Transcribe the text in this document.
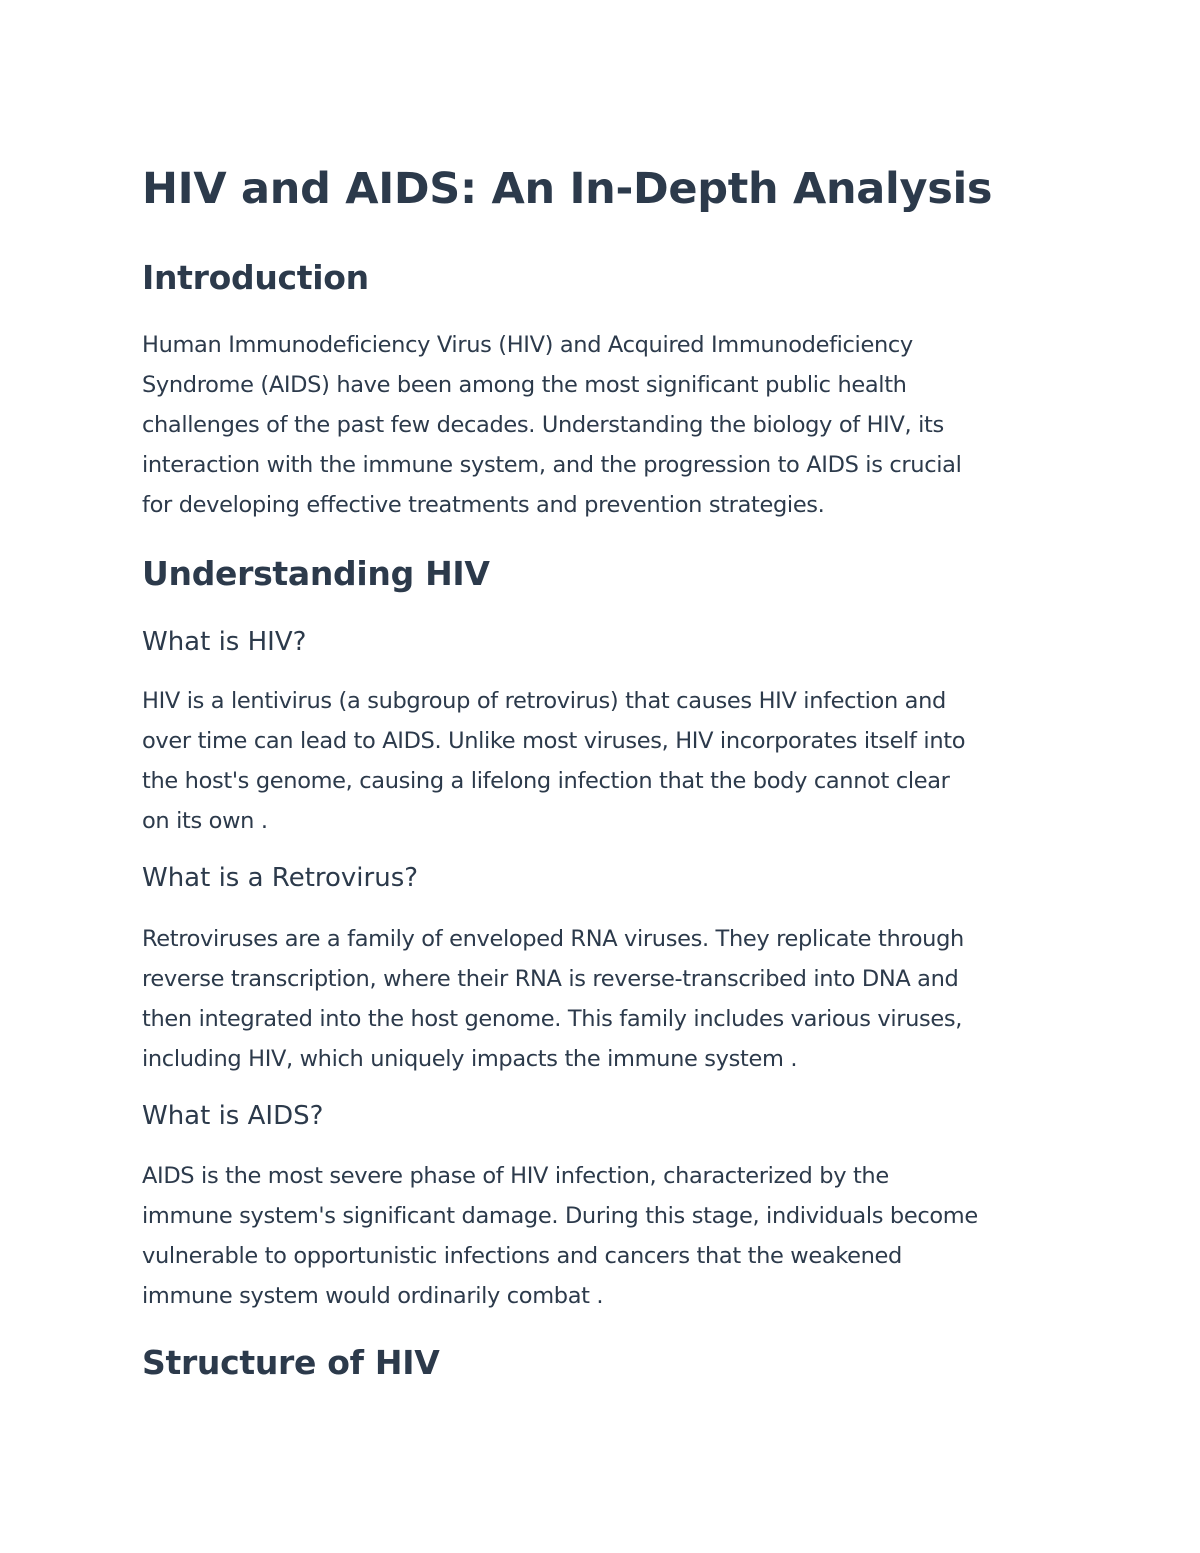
HIV and AIDS: An In-Depth Analysis
Introduction

Human Immunodeficiency Virus (HIV) and Acquired Immunodeficiency
Syndrome (AIDS) have been among the most significant public health
challenges of the past few decades. Understanding the biology of HIV, its
interaction with the immune system, and the progression to AIDS is crucial
for developing effective treatments and prevention strategies.

Understanding HIV
What is HIV?

HIV is a lentivirus (a subgroup of retrovirus) that causes HIV infection and
over time can lead to AIDS. Unlike most viruses, HIV incorporates itself into
the host's genome, causing a lifelong infection that the body cannot clear
on its own .

What is a Retrovirus?

Retroviruses are a family of enveloped RNA viruses. They replicate through
reverse transcription, where their RNA is reverse-transcribed into DNA and
then integrated into the host genome. This family includes various viruses,
including HIV, which uniquely impacts the immune system .

What is AIDS?

AIDS is the most severe phase of HIV infection, characterized by the
immune system's significant damage. During this stage, individuals become
vulnerable to opportunistic infections and cancers that the weakened
immune system would ordinarily combat .

Structure of HIV
